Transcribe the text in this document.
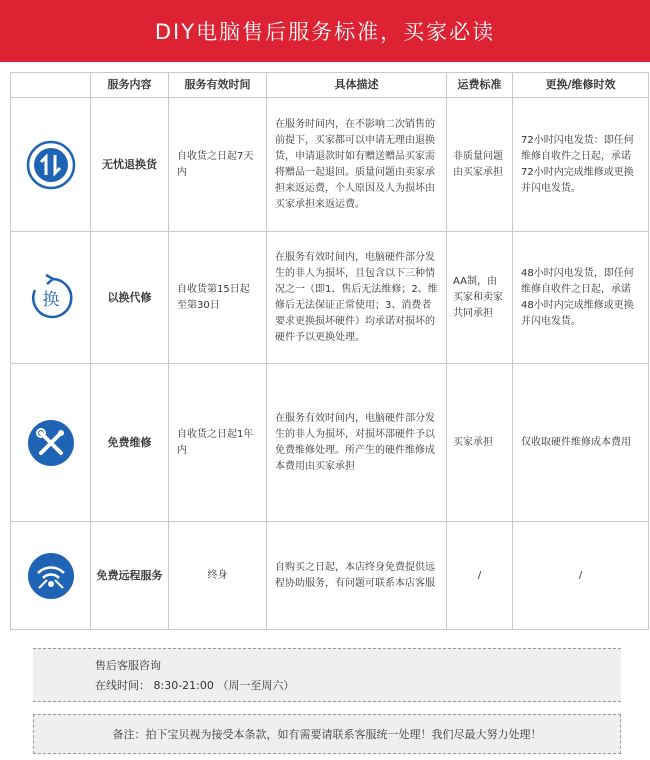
DIY电脑售后服务标准，买家必读
	服务内容	服务有效时间	具体描述	运费标准	更换/维修时效
	无忧退换货	自收货之日起7天内	在服务时间内，在不影响二次销售的前提下，买家都可以申请无理由退换货，申请退款时如有赠送赠品买家需将赠品一起退回。质量问题由卖家承担来返运费，个人原因及人为损坏由买家承担来返运费。	非质量问题由买家承担	72小时闪电发货：即任何维修自收件之日起，承诺72小时内完成维修或更换并闪电发货。

换	以换代修	自收货第15日起至第30日	在服务有效时间内，电脑硬件部分发生的非人为损坏，且包含以下三种情况之一（即1、售后无法维修；2、维修后无法保证正常使用；3、消费者要求更换损坏硬件）均承诺对损坏的硬件予以更换处理。	AA制，由买家和卖家共同承担	48小时闪电发货，即任何维修自收件之日起，承诺48小时内完成维修或更换并闪电发货。
	免费维修	自收货之日起1年内	在服务有效时间内，电脑硬件部分发生的非人为损坏，对损坏部硬件予以免费维修处理。所产生的硬件维修成本费用由买家承担	买家承担	仅收取硬件维修成本费用
	免费远程服务	终身	自购买之日起，本店终身免费提供远程协助服务，有问题可联系本店客服	/	/
售后客服咨询
在线时间： 8:30-21:00 （周一至周六）
备注：拍下宝贝视为接受本条款，如有需要请联系客服统一处理！我们尽最大努力处理！
